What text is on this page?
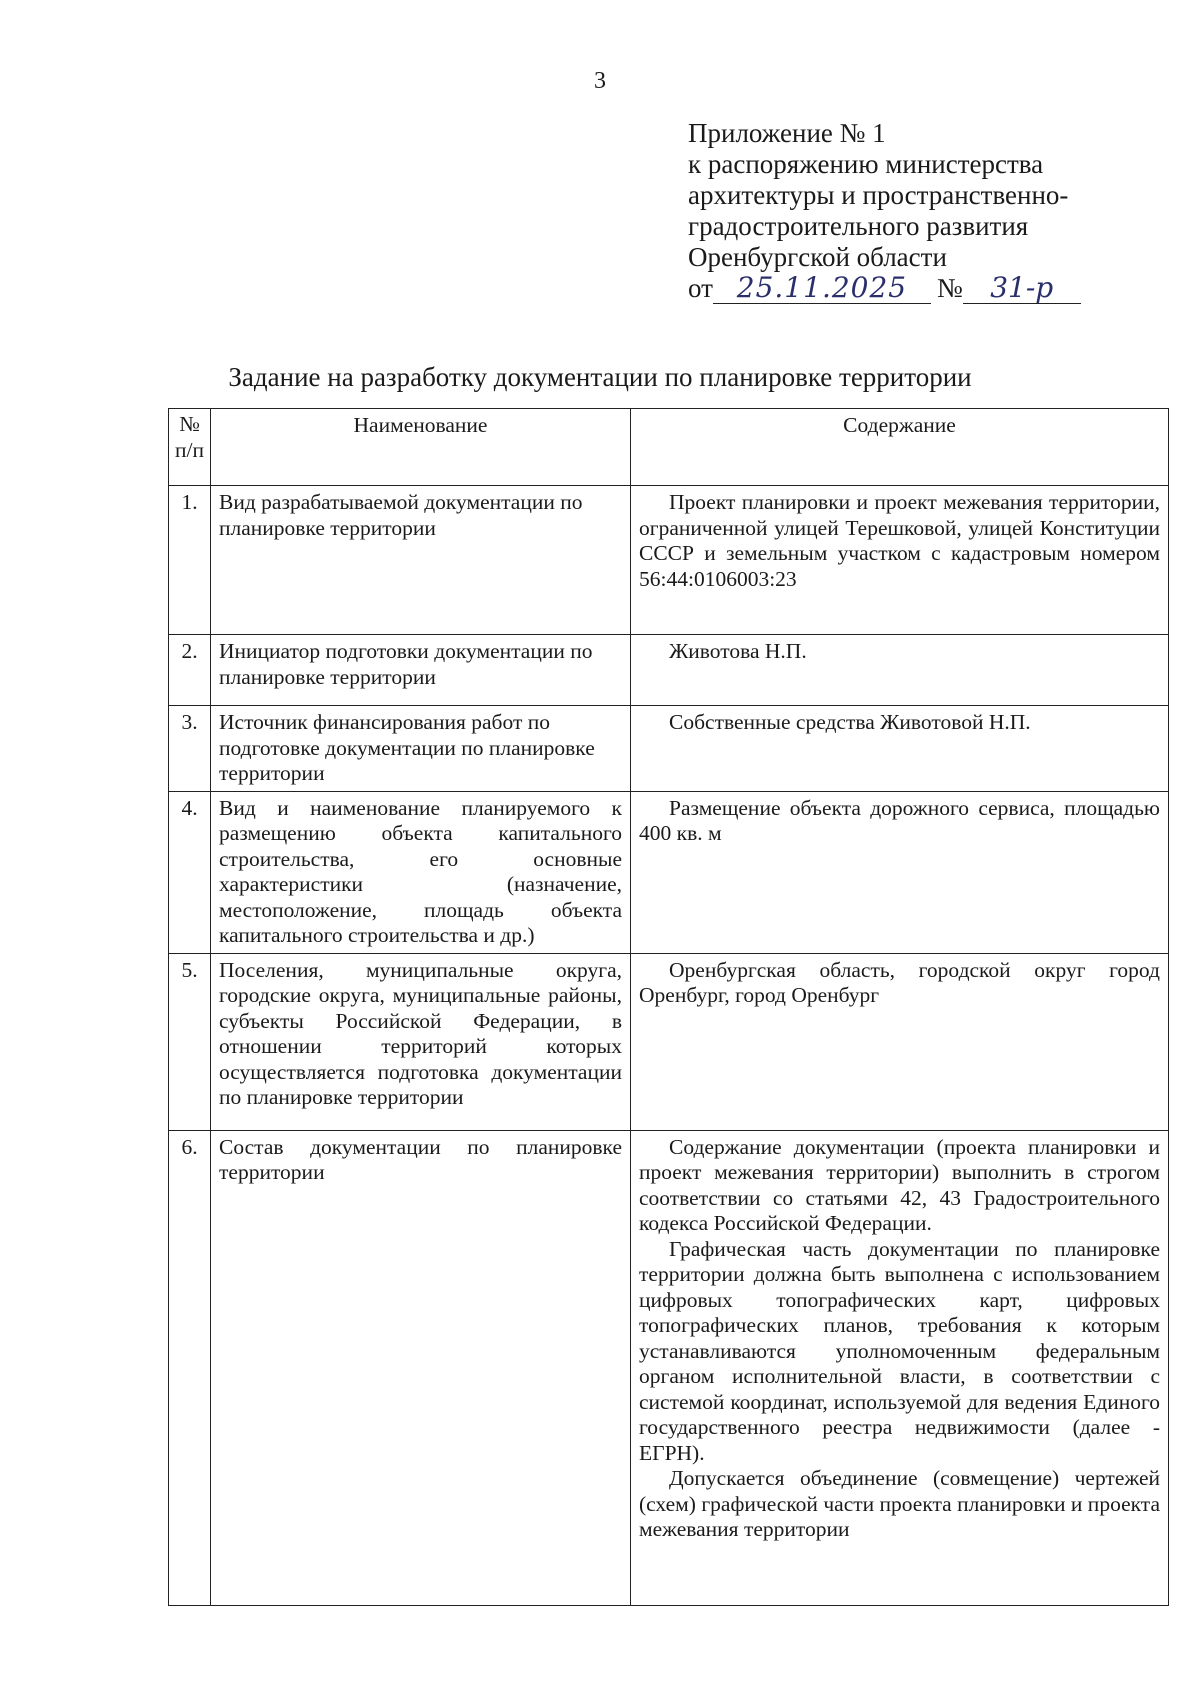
3
Приложение № 1
к распоряжению министерства
архитектуры и пространственно-
градостроительного развития
Оренбургской области
от 25.11.2025	№ 31-р
Задание на разработку документации по планировке территории
№ п/п	Наименование	Содержание
1.	Вид разрабатываемой документации по планировке территории	Проект планировки и проект межевания территории, ограниченной улицей Терешковой, улицей Конституции СССР и земельным участком с кадастровым номером 56:44:0106003:23
2.	Инициатор подготовки документации по планировке территории	Животова Н.П.
3.	Источник финансирования работ по подготовке документации по планировке территории	Собственные средства Животовой Н.П.
4.	Вид и наименование планируемого к размещению объекта капитального строительства, его основные характеристики (назначение, местоположение, площадь объекта капитального строительства и др.)	Размещение объекта дорожного сервиса, площадью 400 кв. м
5.	Поселения, муниципальные округа, городские округа, муниципальные районы, субъекты Российской Федерации, в отношении территорий которых осуществляется подготовка документации по планировке территории	Оренбургская область, городской округ город Оренбург, город Оренбург
6.	Состав документации по планировке территории	Содержание документации (проекта планировки и проект межевания территории) выполнить в строгом соответствии со статьями 42, 43 Градостроительного кодекса Российской Федерации.
Графическая часть документации по планировке территории должна быть выполнена с использованием цифровых топографических карт, цифровых топографических планов, требования к которым устанавливаются уполномоченным федеральным органом исполнительной власти, в соответствии с системой координат, используемой для ведения Единого государственного реестра недвижимости (далее - ЕГРН).
Допускается объединение (совмещение) чертежей (схем) графической части проекта планировки и проекта межевания территории
